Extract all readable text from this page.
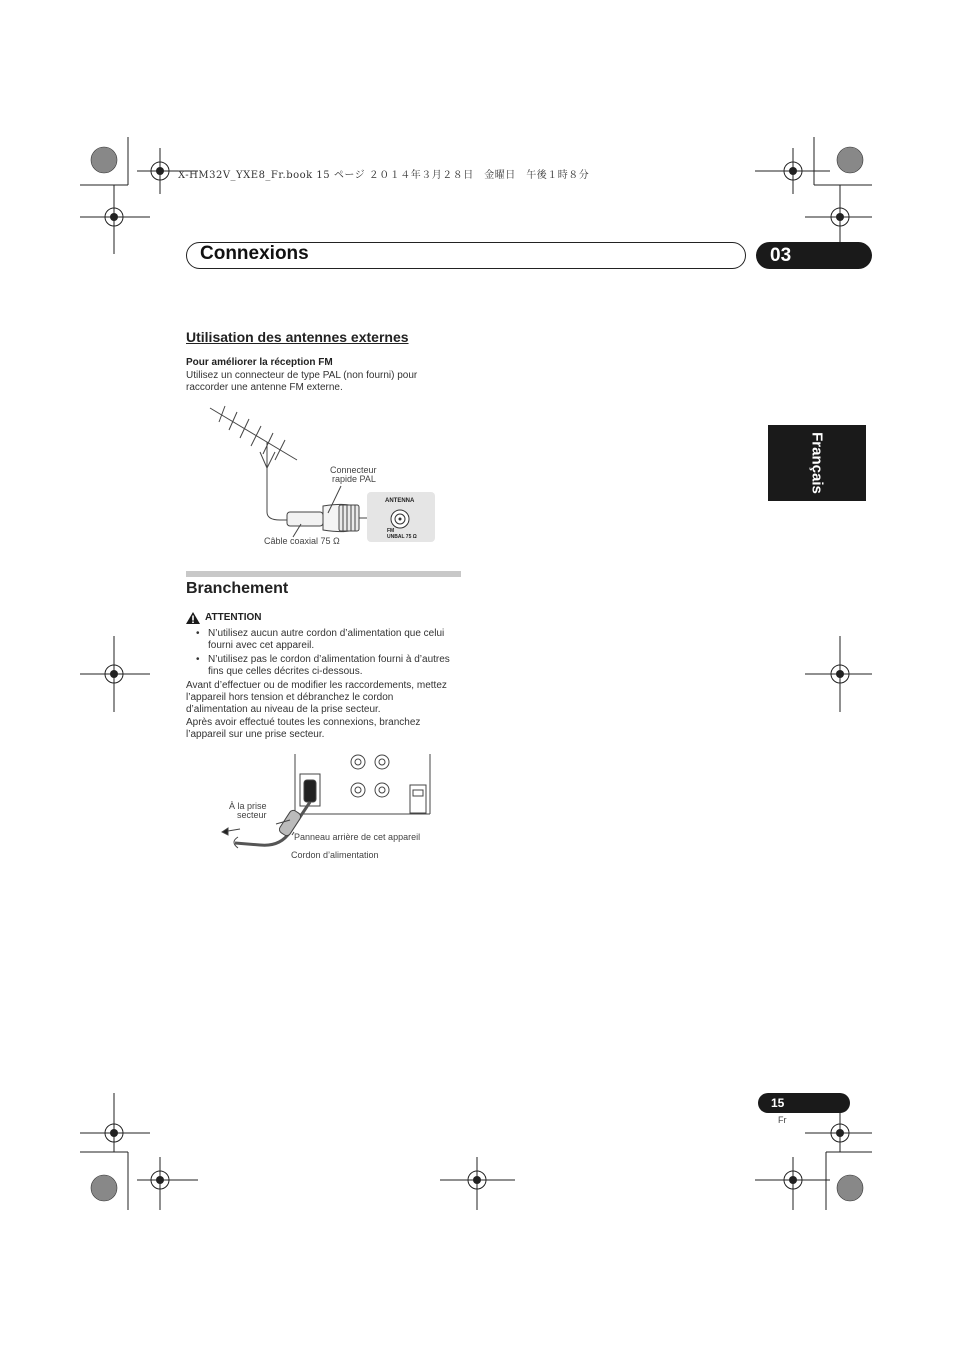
X-HM32V_YXE8_Fr.book 15 ページ ２０１４年３月２８日　金曜日　午後１時８分
Connexions	03
Français
Utilisation des antennes externes
Pour améliorer la réception FM
Utilisez un connecteur de type PAL (non fourni) pour
raccorder une antenne FM externe.
Connecteur
rapide PAL
Câble coaxial 75 Ω
ANTENNA
FM
UNBAL 75 Ω
Branchement
ATTENTION
• N’utilisez aucun autre cordon d’alimentation que celui
fourni avec cet appareil.
• N’utilisez pas le cordon d’alimentation fourni à d’autres
fins que celles décrites ci-dessous.
Avant d’effectuer ou de modifier les raccordements, mettez
l’appareil hors tension et débranchez le cordon
d’alimentation au niveau de la prise secteur.
Après avoir effectué toutes les connexions, branchez
l’appareil sur une prise secteur.
À la prise
secteur
Panneau arrière de cet appareil
Cordon d’alimentation
15
Fr
